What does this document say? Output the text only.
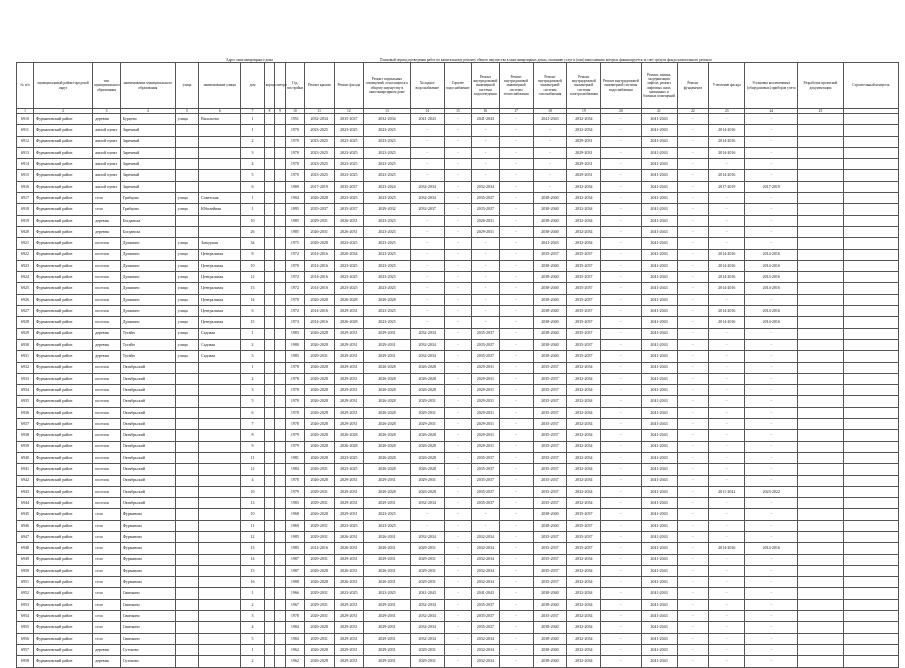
Адрес многоквартирного дома	Плановый период проведения работ по капитальному ремонту общего имущества в многоквартирных домах, оказанию услуг и (или) выполнению которых финансируется за счет средств фонда капитального ремонта
№ п/п	муниципальный район/городской округ	тип муниципального образования	наименование муниципального образования	улица	наименование улицы	дом	корпус	литера	Год постройки	Ремонт крыши	Ремонт фасада	Ремонт подвальных помещений, относящихся к общему имуществу в многоквартирном доме	Холодное водоснабжение	Горячее водоснабжение	Ремонт внутридомовой инженерной системы водоотведения	Ремонт внутридомовой инженерной системы теплоснабжения	Ремонт внутридомовой инженерной системы газоснабжения	Ремонт внутридомовой инженерной системы электроснабжения	Ремонт внутридомовой инженерной системы водоснабжения	Ремонт, замена, модернизация лифтов, ремонт лифтовых шахт, машинных и блочных помещений	Ремонт фундамента	Утепление фасада	Установка коллективных (общедомовых) приборов учета	Разработка проектной документации	Строительный контроль
1	2	3	4	5	6	7	8	9	10	11	12	13	14	15	16	17	18	19	20	21	22	23	24	25	
6910	Фурмановский район	деревня	Бурцево	улица	Васильева	1			1951	2032-2034	2035-2037	2032-2034	2041-2043	-	2041-2043	-	2041-2043	2032-2034	-	2041-2043	-	-	-		
6911	Фурмановский район	жилой пункт	Заречный			1			1970	2023-2025	2023-2025	2023-2025	-	-	-	-	-	2032-2034	-	2041-2043	-	2014-2016	-		
6912	Фурмановский район	жилой пункт	Заречный			2			1970	2023-2025	2023-2025	2023-2025	-	-	-	-	-	2029-2031	-	2041-2043	-	2014-2016	-		
6913	Фурмановский район	жилой пункт	Заречный			3			1970	2023-2025	2023-2025	2023-2025	-	-	-	-	-	2029-2031	-	2041-2043	-	2014-2016	-		
6914	Фурмановский район	жилой пункт	Заречный			4			1970	2023-2025	2023-2025	2023-2025	-	-	-	-	-	2029-2031	-	2041-2043	-	-	-		
6915	Фурмановский район	жилой пункт	Заречный			5			1970	2023-2025	2023-2025	2023-2025	-	-	-	-	-	2029-2031	-	2041-2043	-	2014-2016	-		
6916	Фурмановский район	жилой пункт	Заречный			6			1989	2017-2019	2035-2037	2023-2024	2032-2034	-	2032-2034	-	-	2032-2034	-	2041-2043	-	2017-2019	2017-2019		
6917	Фурмановский район	село	Грибцово	улица	Советская	1			1904	2026-2028	2023-2025	2023-2025	2032-2034	-	2035-2037	-	2038-2040	2032-2034	-	2041-2043	-	-	-		
6918	Фурмановский район	село	Грибцово	улица	Юбилейная	1			1895	2035-2037	2035-2037	2029-2032	2032-2037	-	2035-2037	-	2038-2040	2032-2034	-	2041-2043	-	-	-		
6919	Фурмановский район	деревня	Богданиха			10			1985	2029-2031	2026-2031	2023-2025	-	-	2026-2031	-	2038-2040	2032-2034	-	2041-2043	-	-	-		
6920	Фурмановский район	деревня	Богданиха			26			1985	2026-2031	2026-2031	2023-2025	-	-	2029-2031	-	2038-2040	2032-2034	-	2041-2043	-	-	-		
6921	Фурмановский район	поселок	Дуляпино	улица	Заводская	34			1975	2026-2028	2023-2025	2023-2025	-	-	-	-	2041-2043	2032-2034	-	2041-2043	-	-	-		
6922	Фурмановский район	поселок	Дуляпино	улица	Центральная	8			1972	2014-2016	2020-2034	2023-2025	-	-	-	-	2035-2037	2035-2037	-	2041-2043	-	2014-2016	2014-2016		
6923	Фурмановский район	поселок	Дуляпино	улица	Центральная	10			1970	2014-2016	2023-2025	2023-2025	-	-	-	-	2038-2040	2035-2037	-	2041-2043	-	2014-2016	2014-2016		
6924	Фурмановский район	поселок	Дуляпино	улица	Центральная	12			1972	2014-2016	2023-2025	2023-2025	-	-	-	-	2038-2040	2035-2037	-	2041-2043	-	2014-2016	2014-2016		
6925	Фурмановский район	поселок	Дуляпино	улица	Центральная	13			1972	2014-2016	2023-2025	2023-2025	-	-	-	-	2038-2040	2035-2037	-	2041-2043	-	2014-2016	2014-2016		
6926	Фурмановский район	поселок	Дуляпино	улица	Центральная	14			1970	2026-2028	2026-2028	2026-2028	-	-	-	-	2038-2040	2035-2037	-	2041-2043	-	-	-		
6927	Фурмановский район	поселок	Дуляпино	улица	Центральная	6			1972	2014-2016	2029-2031	2023-2025	-	-	-	-	2038-2040	2035-2037	-	2041-2043	-	2014-2016	2014-2016		
6928	Фурмановский район	поселок	Дуляпино	улица	Центральная	15			1974	2014-2016	2026-2028	2023-2025	-	-	-	-	2038-2040	2035-2037	-	2041-2043	-	2014-2016	2014-2016		
6929	Фурмановский район	деревня	Тугайн	улица	Садовая	1			1983	2026-2028	2029-2031	2029-2031	2032-2034	-	2035-2037	-	2038-2040	2035-2037	-	2041-2043	-	-	-		
6930	Фурмановский район	деревня	Тугайн	улица	Садовая	2			1980	2026-2028	2029-2031	2029-2031	2032-2034	-	2035-2037	-	2038-2040	2035-2037	-	2041-2043	-	-	-		
6931	Фурмановский район	деревня	Тугайн	улица	Садовая	3			1985	2029-2031	2029-2031	2029-2031	2032-2034	-	2035-2037	-	2038-2040	2035-2037	-	2041-2043	-	-	-		
6932	Фурмановский район	поселок	Октябрьский			1			1978	2026-2028	2029-2031	2026-2028	2026-2028	-	2029-2031	-	2035-2037	2032-2034	-	2041-2043	-	-	-		
6933	Фурмановский район	поселок	Октябрьский			2			1978	2026-2028	2029-2031	2026-2028	2026-2028	-	2029-2031	-	2035-2037	2032-2034	-	2041-2043	-	-	-		
6934	Фурмановский район	поселок	Октябрьский			3			1978	2026-2028	2029-2031	2026-2028	2026-2028	-	2029-2031	-	2035-2037	2032-2034	-	2041-2043	-	-	-		
6935	Фурмановский район	поселок	Октябрьский			5			1978	2026-2028	2029-2031	2026-2028	2029-2031	-	2029-2031	-	2035-2037	2032-2034	-	2041-2043	-	-	-		
6936	Фурмановский район	поселок	Октябрьский			6			1978	2026-2028	2029-2031	2026-2028	2029-2031	-	2029-2031	-	2035-2037	2032-2034	-	2041-2043	-	-	-		
6937	Фурмановский район	поселок	Октябрьский			7			1978	2026-2028	2029-2031	2026-2028	2029-2031	-	2029-2031	-	2035-2037	2032-2034	-	2041-2043	-	-	-		
6938	Фурмановский район	поселок	Октябрьский			8			1979	2026-2028	2026-2028	2026-2028	2026-2028	-	2029-2031	-	2035-2037	2032-2034	-	2041-2043	-	-	-		
6939	Фурмановский район	поселок	Октябрьский			9			1979	2026-2028	2026-2028	2026-2028	2026-2028	-	2029-2031	-	2035-2037	2032-2034	-	2041-2043	-	-	-		
6940	Фурмановский район	поселок	Октябрьский			11			1981	2026-2028	2023-2025	2026-2028	2026-2028	-	2035-2037	-	2035-2037	2032-2034	-	2041-2043	-	-	-		
6941	Фурмановский район	поселок	Октябрьский			12			1984	2026-2031	2023-2025	2026-2028	2026-2028	-	2035-2037	-	2035-2037	2032-2034	-	2041-2043	-	-	-		
6942	Фурмановский район	поселок	Октябрьский			4			1978	2026-2028	2029-2031	2029-2031	2029-2031	-	2035-2037	-	2035-2037	2032-2034	-	2041-2043	-	-	-		
6943	Фурмановский район	поселок	Октябрьский			10			1979	2029-2031	2029-2031	2026-2028	2026-2028	-	2035-2037	-	2035-2037	2032-2034	-	2041-2043	-	2011-2022	2023-2022		
6944	Фурмановский район	поселок	Октябрьский			13			1983	2029-2031	2029-2031	2029-2031	2032-2034	-	2035-2037	-	2035-2037	2032-2034	-	2041-2043	-	-	-		
6945	Фурмановский район	село	Фурманово			10			1968	2026-2028	2029-2031	2023-2025	-	-	-	-	2038-2040	2035-2037	-	2041-2043	-	-	-		
6946	Фурмановский район	село	Фурманово			11			1969	2029-2031	2023-2025	2023-2025	-	-	-	-	2038-2040	2035-2037	-	2041-2043	-	-	-		
6947	Фурмановский район	село	Фурманово			12			1985	2029-2031	2026-2031	2026-2031	2032-2034	-	2032-2034	-	2035-2037	2035-2037	-	2041-2043	-	-	-		
6948	Фурмановский район	село	Фурманово			13			1985	2014-2016	2026-2031	2026-2031	2029-2031	-	2032-2034	-	2035-2037	2035-2037	-	2041-2043	-	2014-2016	2014-2016		
6949	Фурмановский район	село	Фурманово			14			1987	2029-2031	2029-2031	2029-2031	2029-2031	-	2032-2034	-	2035-2037	2032-2034	-	2041-2043	-	-	-		
6950	Фурмановский район	село	Фурманово			15			1987	2026-2028	2026-2031	2026-2031	2029-2031	-	2032-2034	-	2035-2037	2032-2034	-	2041-2043	-	-	-		
6951	Фурмановский район	село	Фурманово			16			1988	2026-2028	2026-2031	2026-2031	2029-2031	-	2032-2034	-	2035-2037	2032-2034	-	2041-2043	-	-	-		
6952	Фурмановский район	село	Свиньино			1			1966	2029-2031	2023-2025	2023-2025	2041-2043	-	2041-2043	-	2038-2040	2032-2034	-	2041-2043	-	-	-		
6953	Фурмановский район	село	Свиньино			2			1967	2029-2031	2029-2031	2029-2031	2032-2034	-	2035-2037	-	2038-2040	2032-2034	-	2041-2043	-	-	-		
6954	Фурмановский район	село	Свиньино			3			1978	2029-2031	2029-2031	2029-2031	2032-2034	-	2035-2037	-	2035-2037	2032-2034	-	2041-2043	-	-	-		
6955	Фурмановский район	село	Свиньино			4			1984	2026-2028	2029-2031	2029-2031	2032-2034	-	2035-2037	-	2038-2040	2032-2034	-	2041-2043	-	-	-		
6956	Фурмановский район	село	Свиньино			5			1984	2029-2031	2029-2031	2029-2031	2032-2034	-	2032-2034	-	2038-2040	2032-2034	-	2041-2043	-	-	-		
6957	Фурмановский район	деревня	Сутоково			1			1962	2026-2028	2029-2031	2029-2031	2029-2031	-	2032-2034	-	2038-2040	2032-2034	-	2041-2043	-	-	-		
6958	Фурмановский район	деревня	Сутоково			2			1962	2026-2028	2029-2031	2029-2031	2029-2031	-	2032-2034	-	2038-2040	2032-2034	-	2041-2043	-	-	-		
